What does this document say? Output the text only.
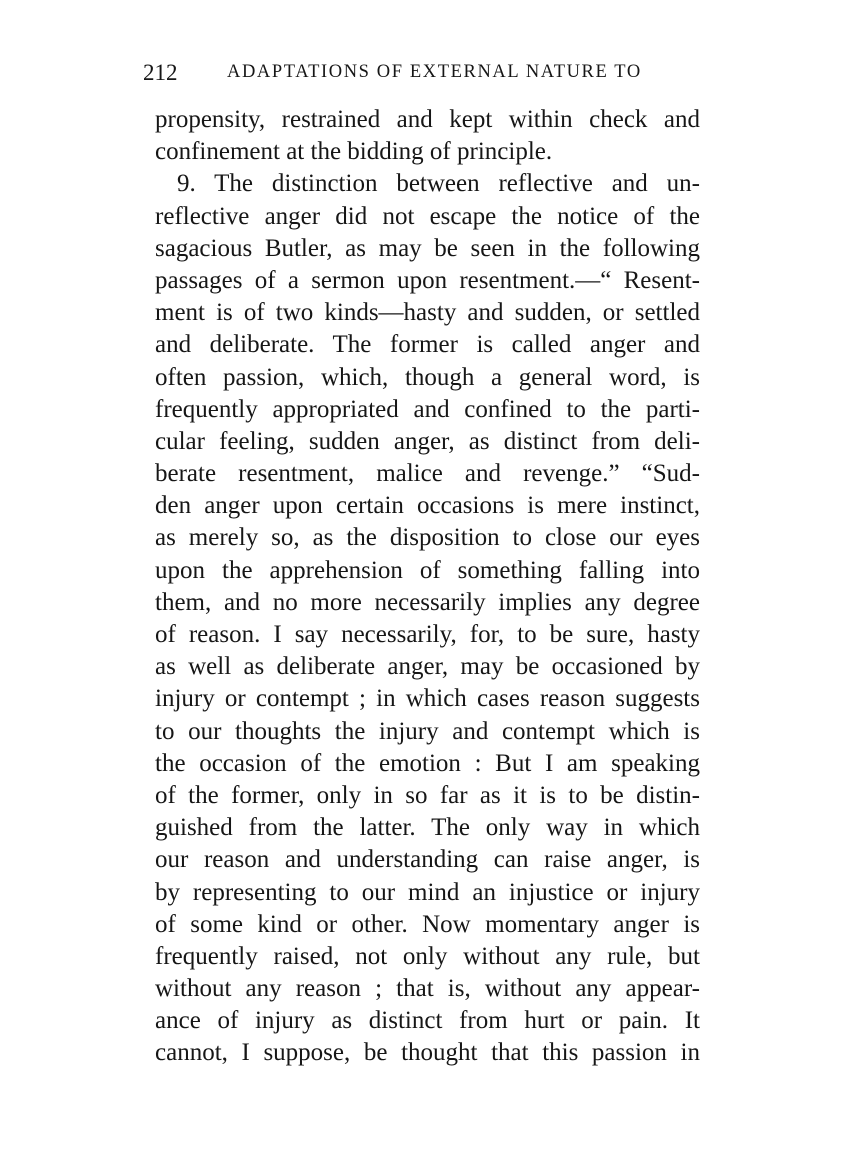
212	ADAPTATIONS OF EXTERNAL NATURE TO
propensity, restrained and kept within check and
confinement at the bidding of principle.
9. The distinction between reflective and un-
reflective anger did not escape the notice of the
sagacious Butler, as may be seen in the following
passages of a sermon upon resentment.—“ Resent-
ment is of two kinds—hasty and sudden, or settled
and deliberate. The former is called anger and
often passion, which, though a general word, is
frequently appropriated and confined to the parti-
cular feeling, sudden anger, as distinct from deli-
berate resentment, malice and revenge.” “Sud-
den anger upon certain occasions is mere instinct,
as merely so, as the disposition to close our eyes
upon the apprehension of something falling into
them, and no more necessarily implies any degree
of reason. I say necessarily, for, to be sure, hasty
as well as deliberate anger, may be occasioned by
injury or contempt ; in which cases reason suggests
to our thoughts the injury and contempt which is
the occasion of the emotion : But I am speaking
of the former, only in so far as it is to be distin-
guished from the latter. The only way in which
our reason and understanding can raise anger, is
by representing to our mind an injustice or injury
of some kind or other. Now momentary anger is
frequently raised, not only without any rule, but
without any reason ; that is, without any appear-
ance of injury as distinct from hurt or pain. It
cannot, I suppose, be thought that this passion in
